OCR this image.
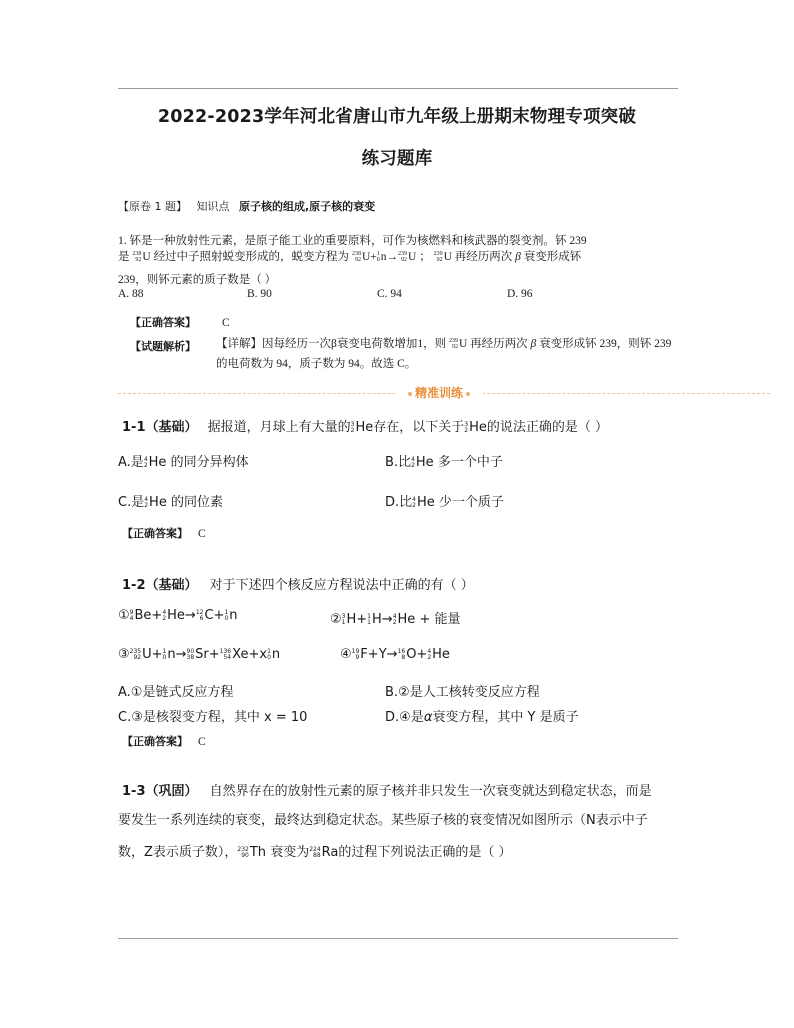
2022-2023学年河北省唐山市九年级上册期末物理专项突破
练习题库
【原卷 1 题】 知识点 原子核的组成,原子核的衰变
1. 钚是一种放射性元素，是原子能工业的重要原料，可作为核燃料和核武器的裂变剂。钚 239
是 238
92 U 经过中子照射蜕变形成的，蜕变方程为 238
92 U + 1
0 n → 239
92 U ； 239
92 U 再经历两次 β 衰变形成钚
239，则钚元素的质子数是（ ）
A. 88	B. 90	C. 94	D. 96
【正确答案】 C
【试题解析】 【详解】因每经历一次β衰变电荷数增加1，则 239
92 U 再经历两次 β 衰变形成钚 239，则钚 239
的电荷数为 94，质子数为 94。故选 C。
精准训练
1-1（基础） 据报道，月球上有大量的 3
2 He 存在，以下关于 3
2 He 的说法正确的是（ ）
A.是 4
2 He 的同分异构体	B.比 4
2 He 多一个中子
C.是 4
2 He 的同位素	D.比 4
2 He 少一个质子
【正确答案】 C
1-2（基础） 对于下述四个核反应方程说法中正确的有（ ）
① 9
4 Be + 4
2 He → 12
6 C + 1
0 n	② 3
1 H + 1
1 H → 4
2 He + 能量
③ 235
92 U + 1
0 n → 90
38 Sr + 136
54 Xe +x 1
0 n	④ 19
9 F +Y→ 16
8 O + 4
2 He
A.①是链式反应方程	B.②是人工核转变反应方程
C.③是核裂变方程，其中 x = 10	D.④是α衰变方程，其中 Y 是质子
【正确答案】 C
1-3（巩固） 自然界存在的放射性元素的原子核并非只发生一次衰变就达到稳定状态，而是
要发生一系列连续的衰变，最终达到稳定状态。某些原子核的衰变情况如图所示（N表示中子
数，Z表示质子数）， 232
90 Th 衰变为 224
88 Ra 的过程下列说法正确的是（ ）
